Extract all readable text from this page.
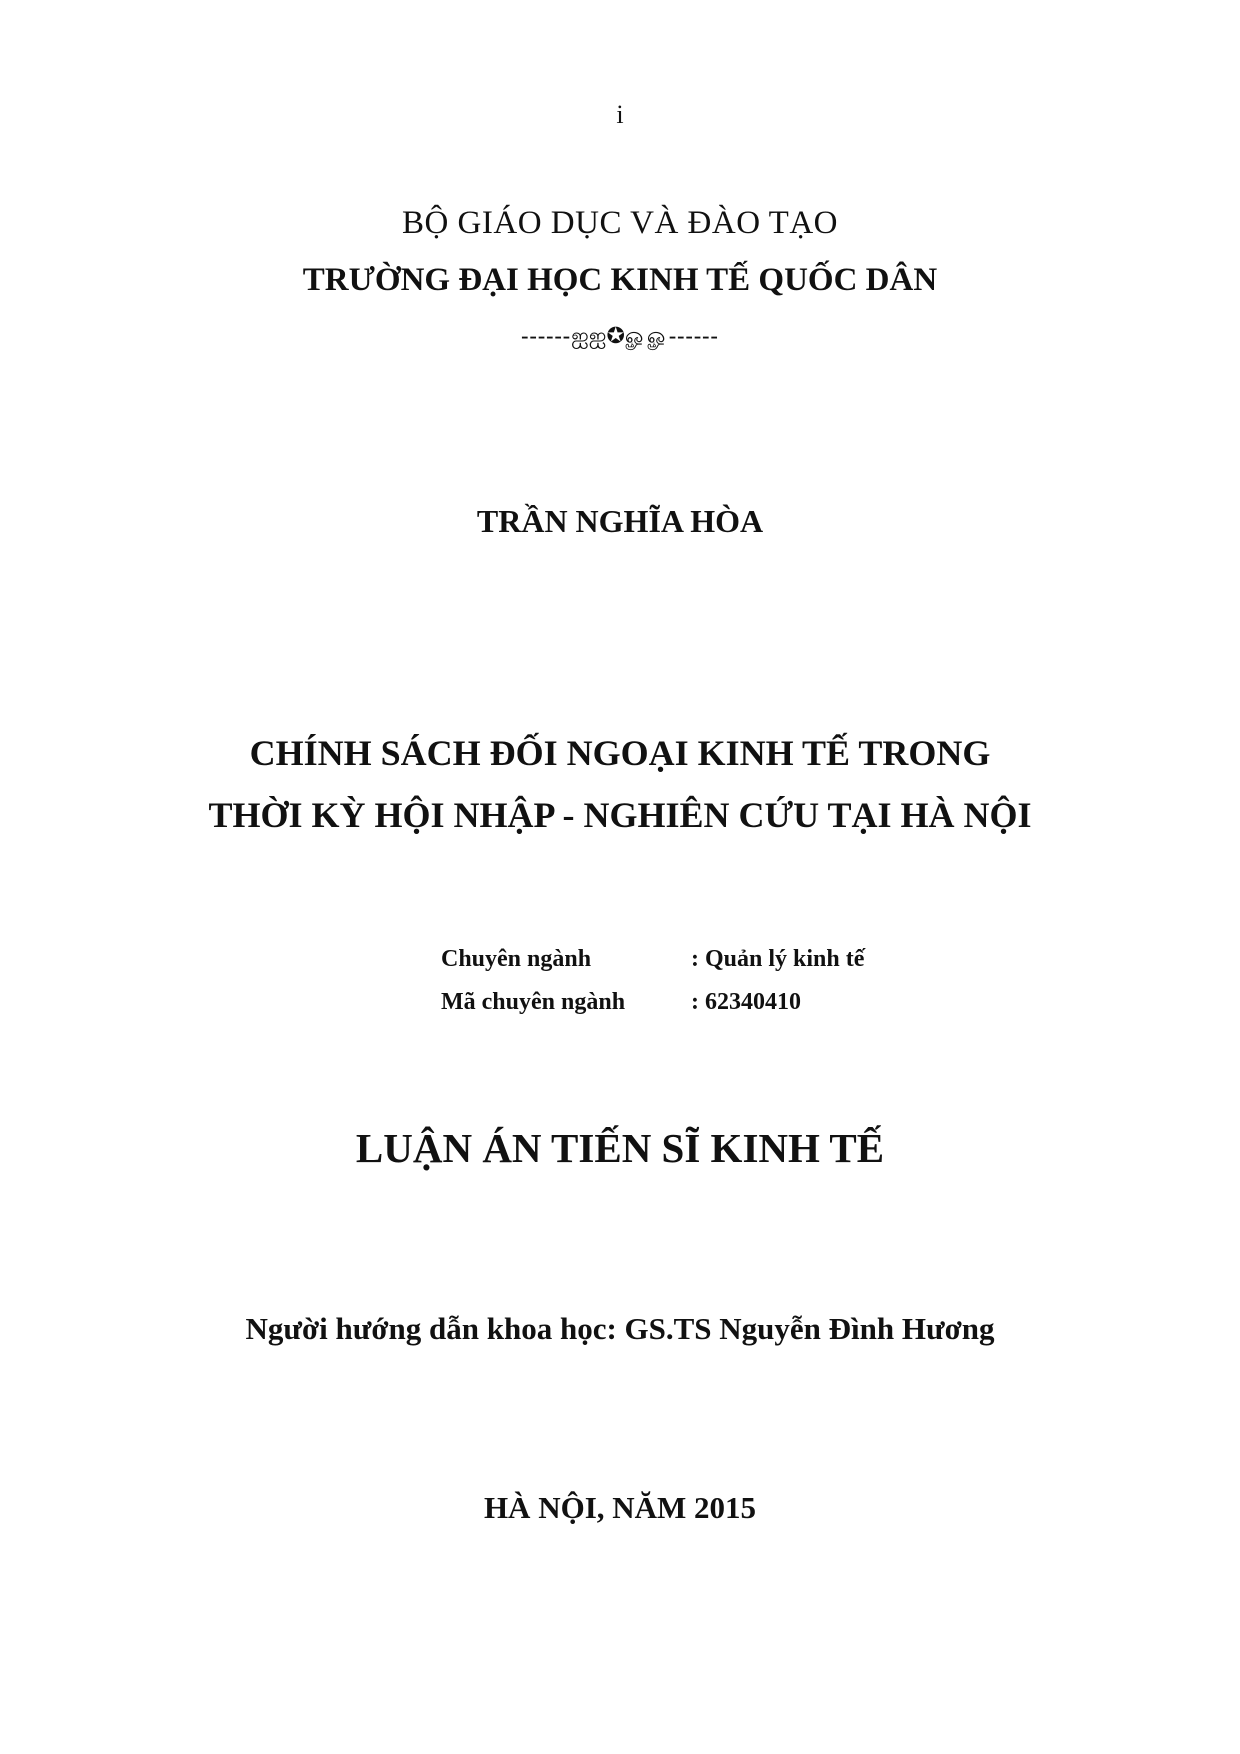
i
BỘ GIÁO DỤC VÀ ĐÀO TẠO
TRƯỜNG ĐẠI HỌC KINH TẾ QUỐC DÂN
------ஐஐ✪ௐௐ------
TRẦN NGHĨA HÒA
CHÍNH SÁCH ĐỐI NGOẠI KINH TẾ TRONG
THỜI KỲ HỘI NHẬP - NGHIÊN CỨU TẠI HÀ NỘI
Chuyên ngành	: Quản lý kinh tế
Mã chuyên ngành	: 62340410
LUẬN ÁN TIẾN SĨ KINH TẾ
Người hướng dẫn khoa học: GS.TS Nguyễn Đình Hương
HÀ NỘI, NĂM 2015
